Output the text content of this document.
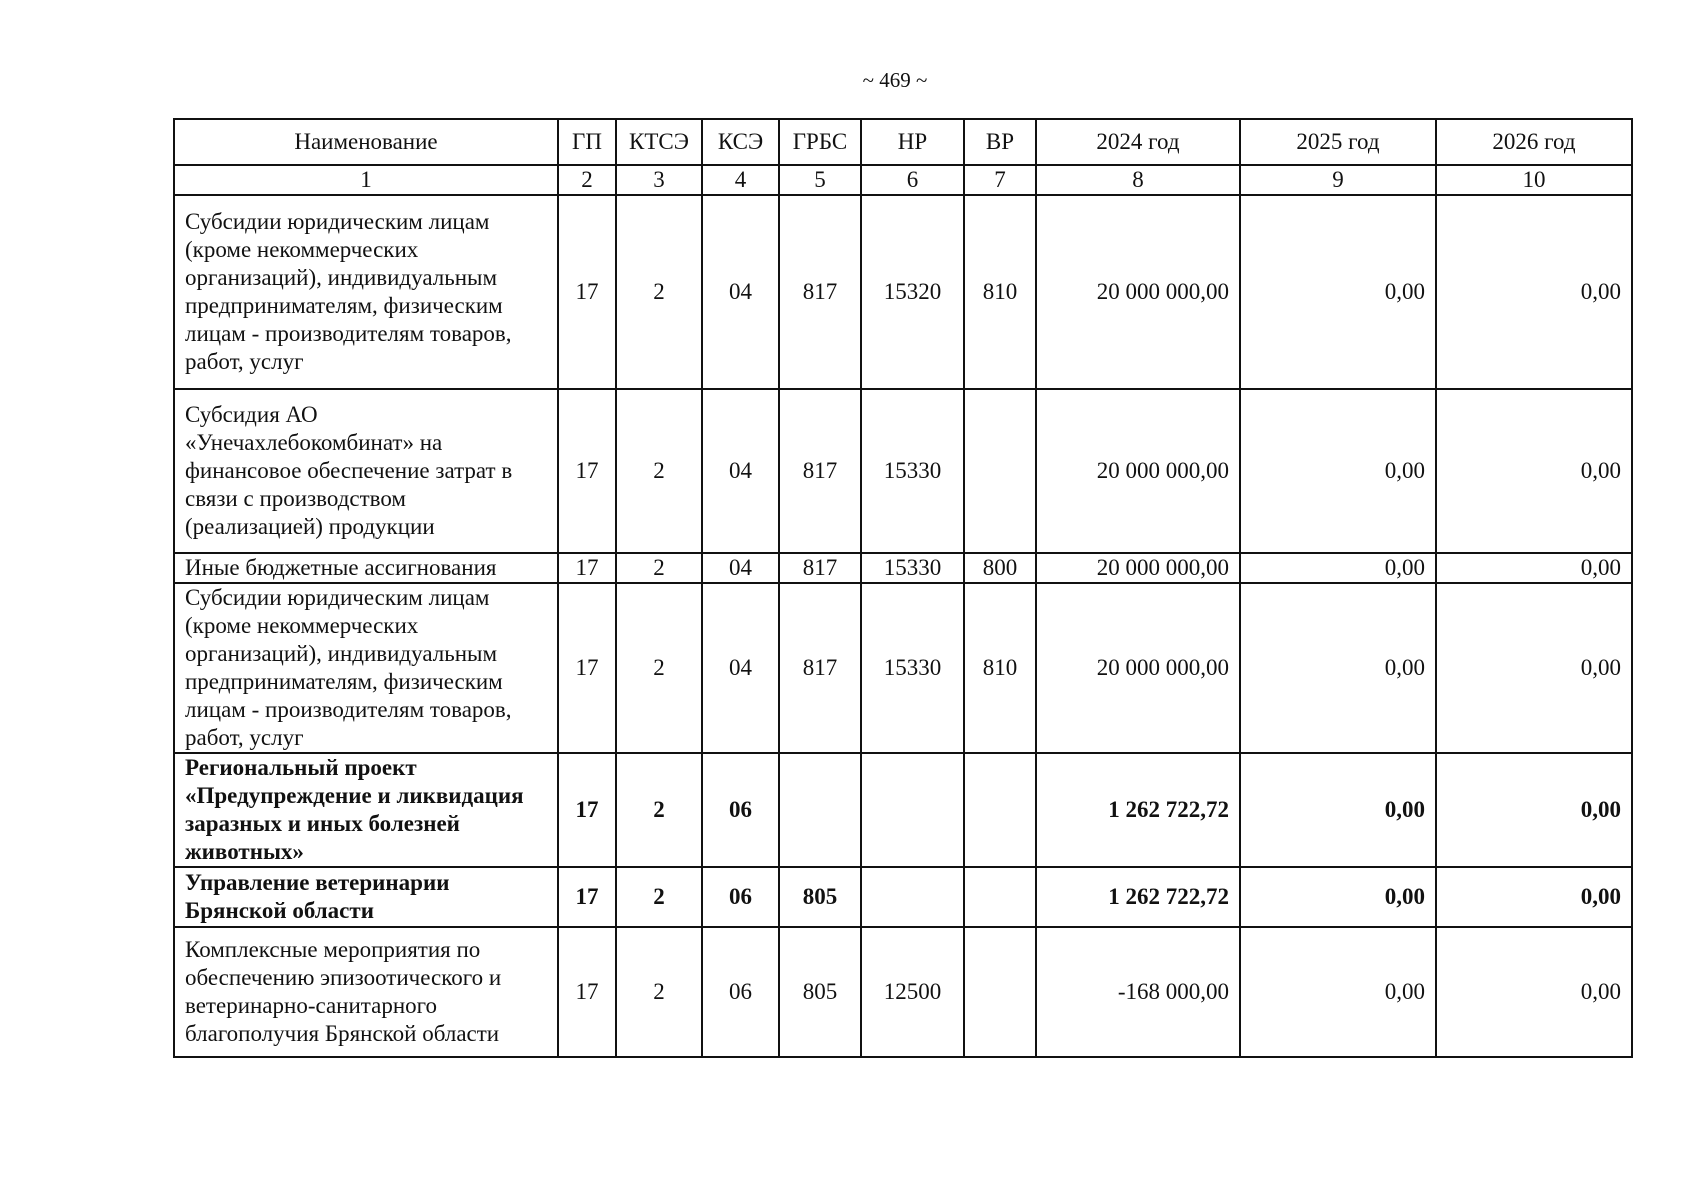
~ 469 ~
Наименование	ГП	КТСЭ	КСЭ	ГРБС	НР	ВР	2024 год	2025 год	2026 год
1	2	3	4	5	6	7	8	9	10
Субсидии юридическим лицам (кроме некоммерческих организаций), индивидуальным предпринимателям, физическим лицам - производителям товаров, работ, услуг	17	2	04	817	15320	810	20 000 000,00	0,00	0,00
Субсидия АО «Унечахлебокомбинат» на финансовое обеспечение затрат в связи с производством (реализацией) продукции	17	2	04	817	15330		20 000 000,00	0,00	0,00
Иные бюджетные ассигнования	17	2	04	817	15330	800	20 000 000,00	0,00	0,00
Субсидии юридическим лицам (кроме некоммерческих организаций), индивидуальным предпринимателям, физическим лицам - производителям товаров, работ, услуг	17	2	04	817	15330	810	20 000 000,00	0,00	0,00
Региональный проект «Предупреждение и ликвидация заразных и иных болезней животных»	17	2	06				1 262 722,72	0,00	0,00
Управление ветеринарии Брянской области	17	2	06	805			1 262 722,72	0,00	0,00
Комплексные мероприятия по обеспечению эпизоотического и ветеринарно-санитарного благополучия Брянской области	17	2	06	805	12500		-168 000,00	0,00	0,00
